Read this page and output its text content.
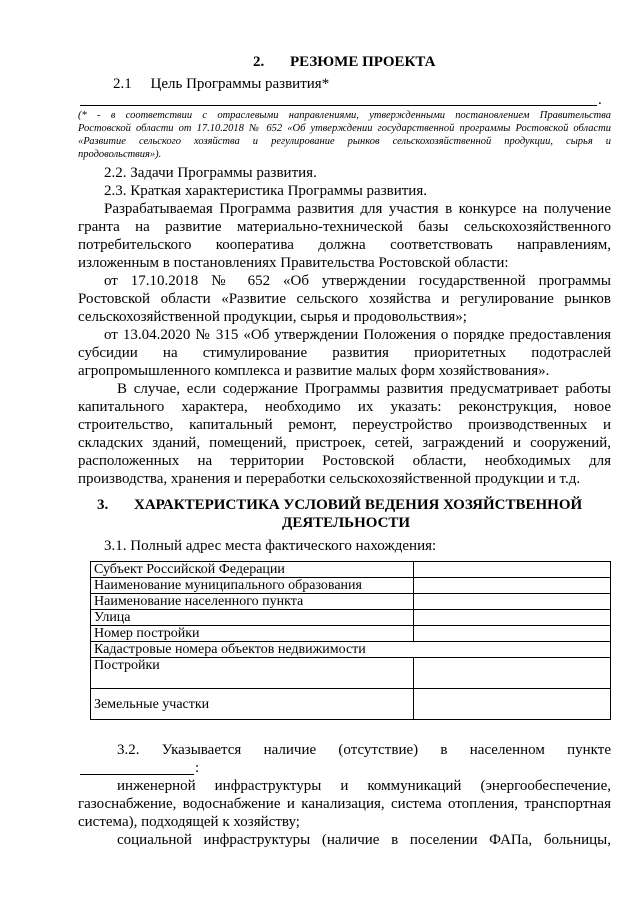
2. РЕЗЮМЕ ПРОЕКТА
2.1     Цель Программы развития*
.
(* - в соответствии с отраслевыми направлениями, утвержденными постановлением Правительства
Ростовской области от 17.10.2018 № 652 «Об утверждении государственной программы Ростовской области
«Развитие сельского хозяйства и регулирование рынков сельскохозяйственной продукции, сырья и
продовольствия»).
2.2. Задачи Программы развития.
2.3. Краткая характеристика Программы развития.
Разрабатываемая Программа развития для участия в конкурсе на получение
гранта на развитие материально-технической базы сельскохозяйственного
потребительского кооператива должна соответствовать направлениям,
изложенным в постановлениях Правительства Ростовской области:
от 17.10.2018 № 652 «Об утверждении государственной программы
Ростовской области «Развитие сельского хозяйства и регулирование рынков
сельскохозяйственной продукции, сырья и продовольствия»;
от 13.04.2020 № 315 «Об утверждении Положения о порядке предоставления
субсидии на стимулирование развития приоритетных подотраслей
агропромышленного комплекса и развитие малых форм хозяйствования».
В случае, если содержание Программы развития предусматривает работы
капитального характера, необходимо их указать: реконструкция, новое
строительство, капитальный ремонт, переустройство производственных и
складских зданий, помещений, пристроек, сетей, заграждений и сооружений,
расположенных на территории Ростовской области, необходимых для
производства, хранения и переработки сельскохозяйственной продукции и т.д.
3. ХАРАКТЕРИСТИКА УСЛОВИЙ ВЕДЕНИЯ ХОЗЯЙСТВЕННОЙ
ДЕЯТЕЛЬНОСТИ
3.1. Полный адрес места фактического нахождения:
Субъект Российской Федерации	
Наименование муниципального образования	
Наименование населенного пункта	
Улица	
Номер постройки	
Кадастровые номера объектов недвижимости	
Постройки	
Земельные участки	
3.2. Указывается наличие (отсутствие) в населенном пункте
:
инженерной инфраструктуры и коммуникаций (энергообеспечение,
газоснабжение, водоснабжение и канализация, система отопления, транспортная
система), подходящей к хозяйству;
социальной инфраструктуры (наличие в поселении ФАПа, больницы,
